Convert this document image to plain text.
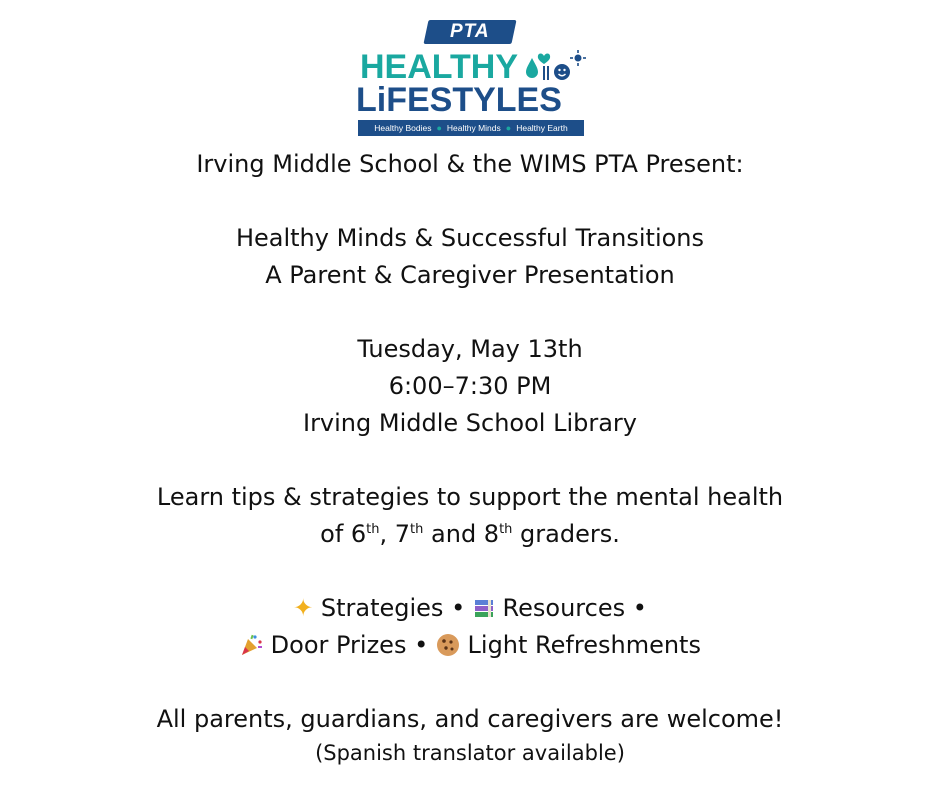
PTA
HEALTHY
LiFESTYLES
Healthy Bodies ● Healthy Minds ● Healthy Earth

Irving Middle School & the WIMS PTA Present:

Healthy Minds & Successful Transitions

A Parent & Caregiver Presentation

Tuesday, May 13th

6:00–7:30 PM

Irving Middle School Library

Learn tips & strategies to support the mental health

of 6th, 7th and 8th graders.

✦ Strategies • Resources •

Door Prizes • Light Refreshments

All parents, guardians, and caregivers are welcome!

(Spanish translator available)
